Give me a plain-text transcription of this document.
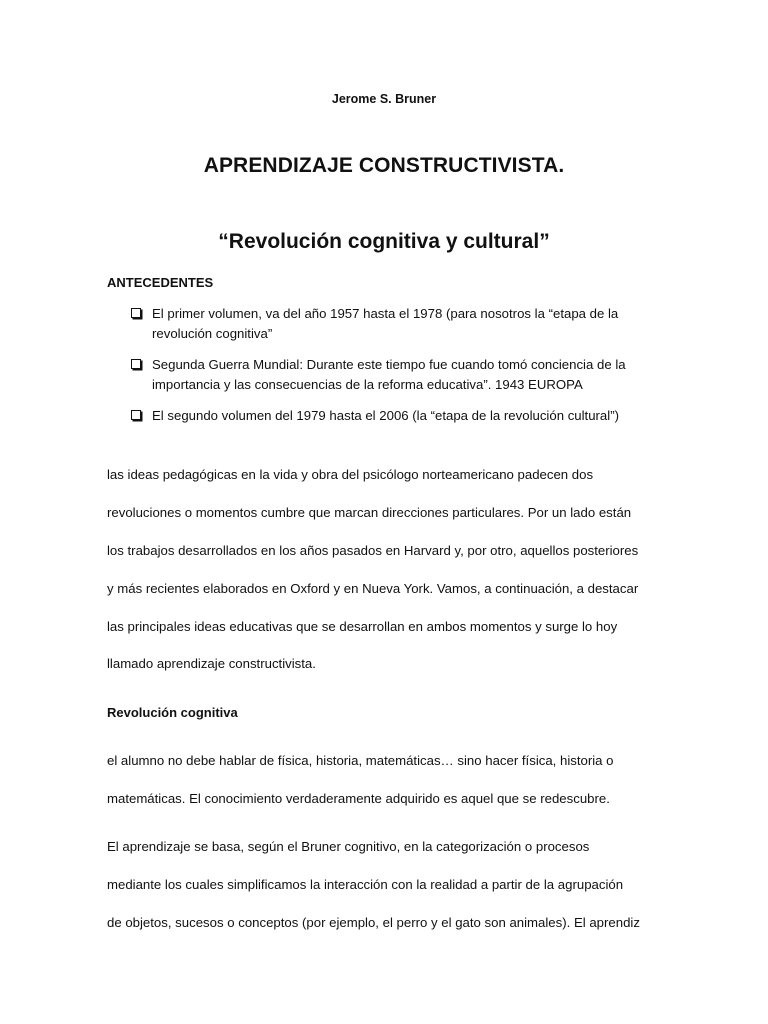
Jerome S. Bruner
APRENDIZAJE CONSTRUCTIVISTA.
“Revolución cognitiva y cultural”
ANTECEDENTES
El primer volumen, va del año 1957 hasta el 1978 (para nosotros la “etapa de la revolución cognitiva”
Segunda Guerra Mundial: Durante este tiempo fue cuando tomó conciencia de la importancia y las consecuencias de la reforma educativa”. 1943 EUROPA
El segundo volumen del 1979 hasta el 2006 (la “etapa de la revolución cultural”)
las ideas pedagógicas en la vida y obra del psicólogo norteamericano padecen dos
revoluciones o momentos cumbre que marcan direcciones particulares. Por un lado están
los trabajos desarrollados en los años pasados en Harvard y, por otro, aquellos posteriores
y más recientes elaborados en Oxford y en Nueva York. Vamos, a continuación, a destacar
las principales ideas educativas que se desarrollan en ambos momentos y surge lo hoy
llamado aprendizaje constructivista.
Revolución cognitiva
el alumno no debe hablar de física, historia, matemáticas… sino hacer física, historia o
matemáticas. El conocimiento verdaderamente adquirido es aquel que se redescubre.
El aprendizaje se basa, según el Bruner cognitivo, en la categorización o procesos
mediante los cuales simplificamos la interacción con la realidad a partir de la agrupación
de objetos, sucesos o conceptos (por ejemplo, el perro y el gato son animales). El aprendiz
